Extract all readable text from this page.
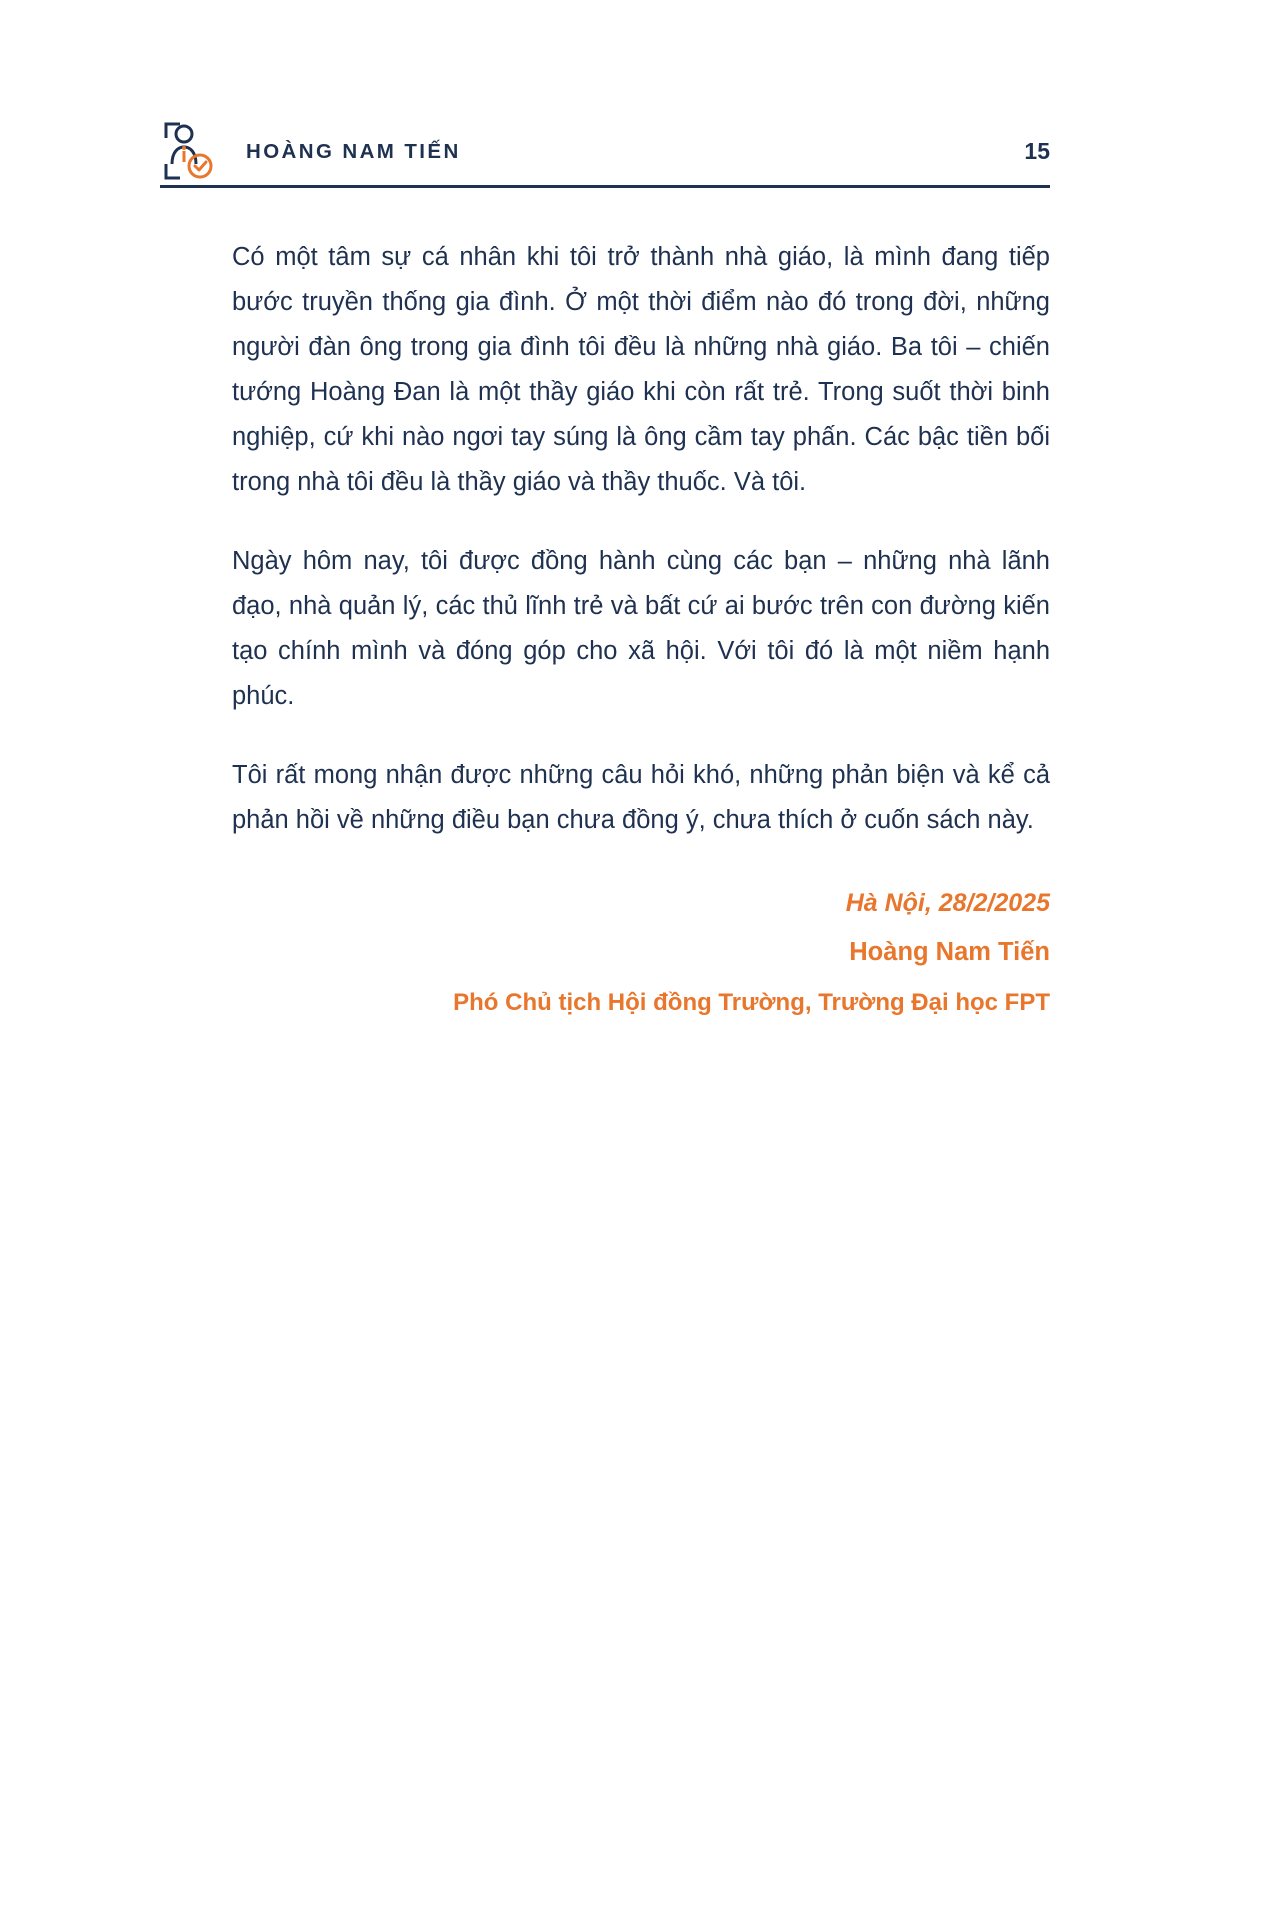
HOÀNG NAM TIẾN	15

Có một tâm sự cá nhân khi tôi trở thành nhà giáo, là mình đang tiếp bước truyền thống gia đình. Ở một thời điểm nào đó trong đời, những người đàn ông trong gia đình tôi đều là những nhà giáo. Ba tôi – chiến tướng Hoàng Đan là một thầy giáo khi còn rất trẻ. Trong suốt thời binh nghiệp, cứ khi nào ngơi tay súng là ông cầm tay phấn. Các bậc tiền bối trong nhà tôi đều là thầy giáo và thầy thuốc. Và tôi.

Ngày hôm nay, tôi được đồng hành cùng các bạn – những nhà lãnh đạo, nhà quản lý, các thủ lĩnh trẻ và bất cứ ai bước trên con đường kiến tạo chính mình và đóng góp cho xã hội. Với tôi đó là một niềm hạnh phúc.

Tôi rất mong nhận được những câu hỏi khó, những phản biện và kể cả phản hồi về những điều bạn chưa đồng ý, chưa thích ở cuốn sách này.

Hà Nội, 28/2/2025
Hoàng Nam Tiến
Phó Chủ tịch Hội đồng Trường, Trường Đại học FPT
